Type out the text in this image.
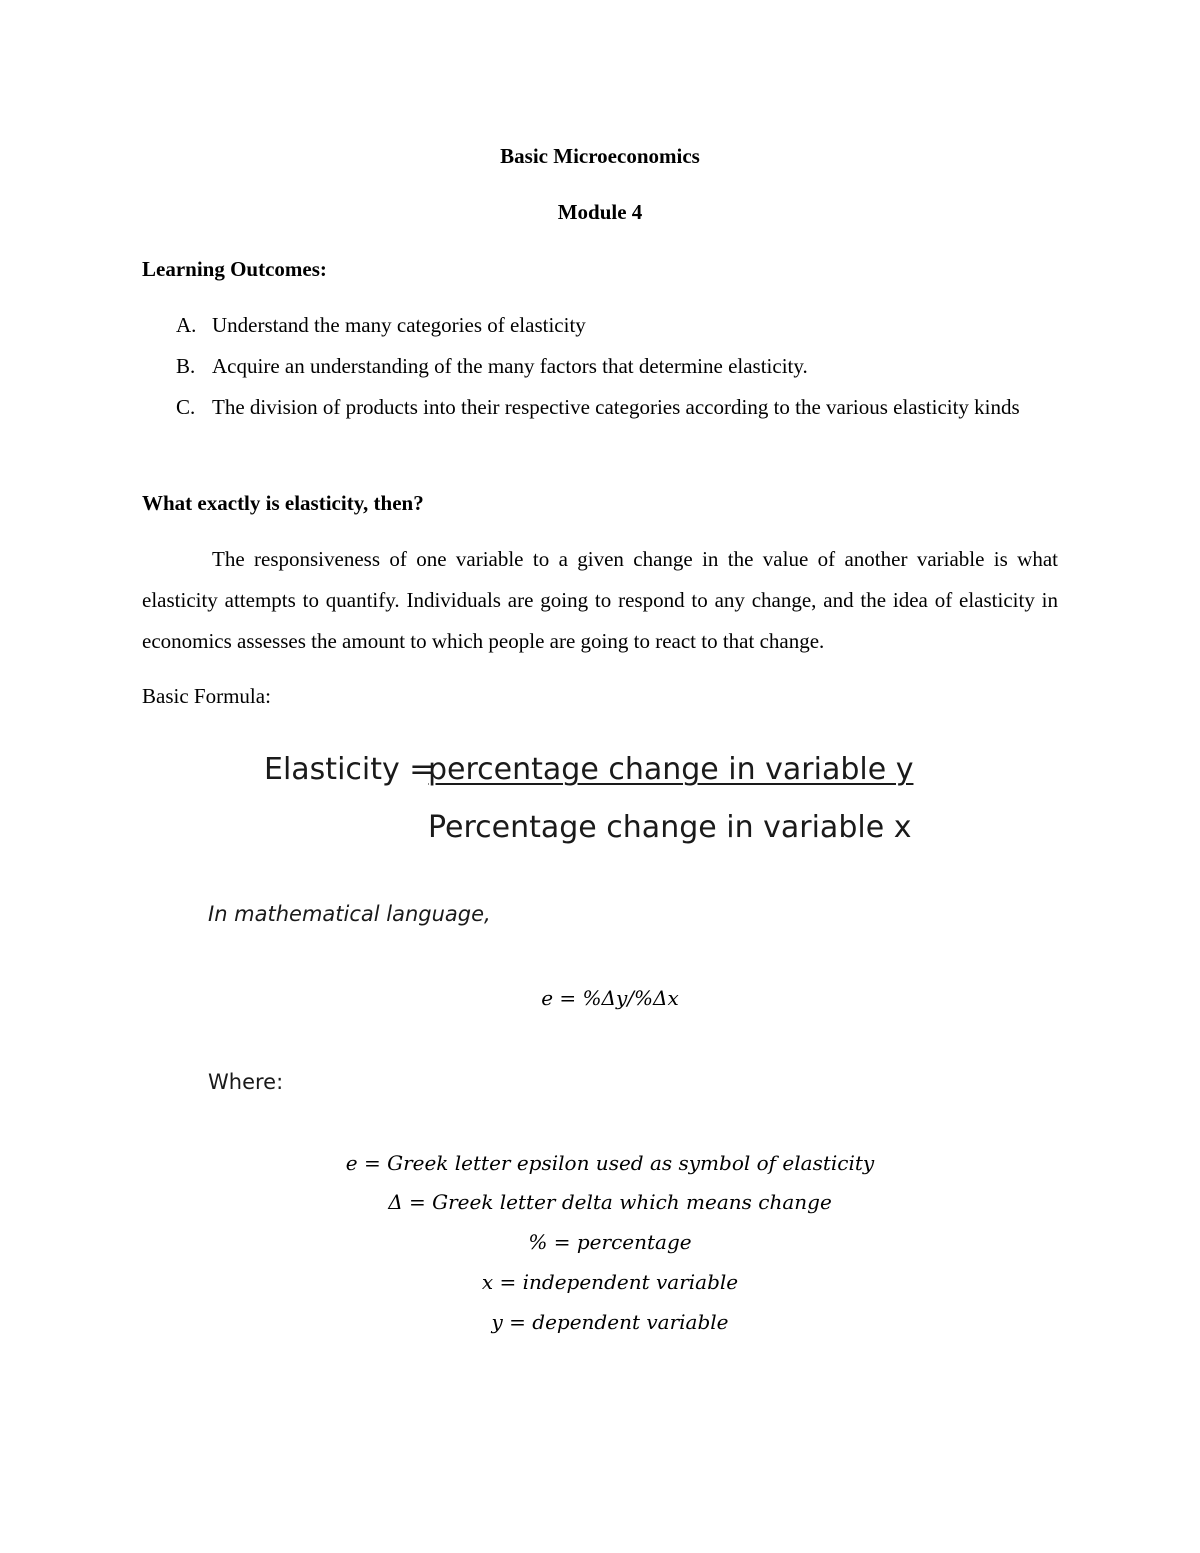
Basic Microeconomics
Module 4
Learning Outcomes:
A. Understand the many categories of elasticity
B. Acquire an understanding of the many factors that determine elasticity.
C. The division of products into their respective categories according to the various elasticity kinds
What exactly is elasticity, then?
The responsiveness of one variable to a given change in the value of another variable is what elasticity attempts to quantify. Individuals are going to respond to any change, and the idea of elasticity in economics assesses the amount to which people are going to react to that change.
Basic Formula:
Elasticity =
percentage change in variable y
Percentage change in variable x
In mathematical language,
e = %Δy/%Δx
Where:
e = Greek letter epsilon used as symbol of elasticity
Δ = Greek letter delta which means change
% = percentage
x = independent variable
y = dependent variable
